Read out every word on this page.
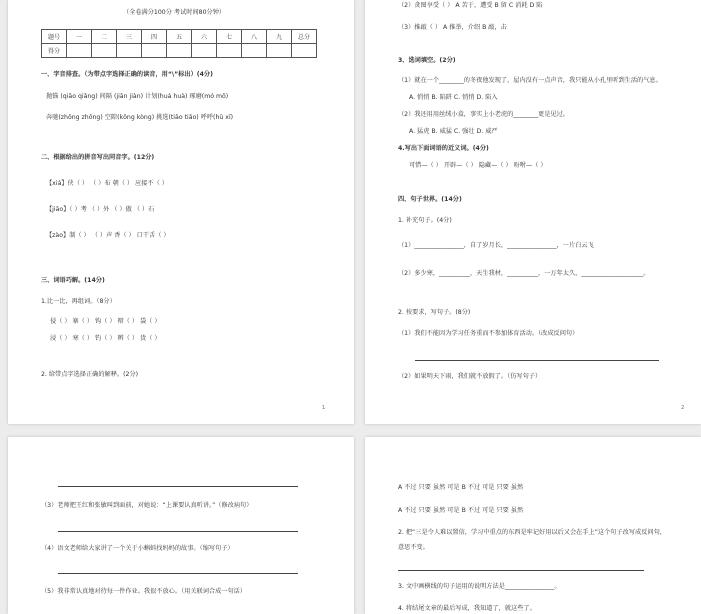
（全卷满分100分 考试时间80分钟）
题号	一	二	三	四	五	六	七	八	九	总分
得分										
一、字音排查。（为带点字选择正确的读音，用“\”标出）(4分)
抛锚 (qiāo qiǎng) 间隔 (jiān jiàn) 计划(huá huà) 琢磨(mó mō)
奔驰(zhōng zhǒng) 空隙(kōng kòng) 挑选(tiāo tiǎo) 呼呼(hū xī)
二、根据给出的拼音写出同音字。(12分)
【xiá】侠（ ） （ ）布 朝（ ） 应接不（ ）
【jiāo】（ ）考 （ ）外 （ ）傲 （ ）石
【zào】制（ ） （ ）声 香（ ） 口干舌（ ）
三、词语巧解。(14分)
1.比一比，再组词。（8分）
侵（ ） 寨（ ） 钩（ ） 辩（ ） 袋（ ）
浸（ ） 寒（ ） 钓（ ） 辨（ ） 货（ ）
2. 给带点字选择正确的解释。(2分)
1
（2）贪图享受（ ） A 苦于，遭受 B 留 C 消耗 D 陷
（3）推敲（ ） A 推举，介绍 B 敲，击
3、选词填空。(2分)
（1）就在一个________的冬夜他发现了，屋内没有一点声音，我只能从小孔里听到生活的气息。
A. 悄悄 B. 陷阱 C. 悄悄 D. 陷入
（2）我还用用丝绒小盒，事实上小老虎的________更是见过。
A. 猛虎 B. 威猛 C. 强壮 D. 威严
4.写出下面词语的近义词。(4分)
可惜—（ ） 开辟—（ ） 隐藏—（ ） 吩咐—（ ）
四、句子世界。(14分)
1. 补充句子。(4分)
（1）________________，自了岁月长，________________，一片白云飞
（2）多少寒，__________，天生我材，__________，一万年太久，____________________。
2. 按要求，写句子。(8分)
（1）我们不能因为学习任务重而不参加体育活动。（改成反问句）
（2）如果明天下雨，我们就不放假了。（仿写句子）
2
（3）老师把王红和张敏叫到面前，对她说：“上课要认真听讲。”（修改病句）
（4）语文老师给大家讲了一个关于小蝌蚪找妈妈的故事。（缩写句子）
（5）我非常认真地对待每一件作业。我很不放心。（用关联词合成一句话）
A 不过 只要 虽然 可是 B 不过 可是 只要 虽然
A 不过 只要 虽然 可是 B 不过 可是 只要 虽然
2. 把“三是令人难以置信，学习中重点的东西是牢记好用以后又会在手上”这个句子改写成反问句，
意思不变。
3. 文中画横线的句子运用的说明方法是________________。
4. 将结尾文章的最后写成，我知道了，就这些了。
